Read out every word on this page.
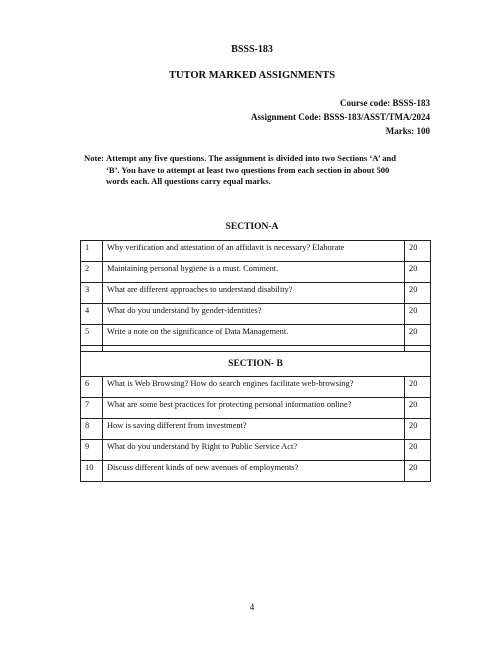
BSSS-183
TUTOR MARKED ASSIGNMENTS
Course code: BSSS-183
Assignment Code: BSSS-183/ASST/TMA/2024
Marks: 100
Note: Attempt any five questions. The assignment is divided into two Sections ‘A’ and
‘B’. You have to attempt at least two questions from each section in about 500
words each. All questions carry equal marks.
SECTION-A
1	Why verification and attestation of an affidavit is necessary? Elaborate	20
2	Maintaining personal hygiene is a must. Comment.	20
3	What are different approaches to understand disability?	20
4	What do you understand by gender-identities?	20
5	Write a note on the significance of Data Management.	20

SECTION- B		
6	What is Web Browsing? How do search engines facilitate web-browsing?	20
7	What are some best practices for protecting personal information online?	20
8	How is saving different from investment?	20
9	What do you understand by Right to Public Service Act?	20
10	Discuss different kinds of new avenues of employments?	20
4
